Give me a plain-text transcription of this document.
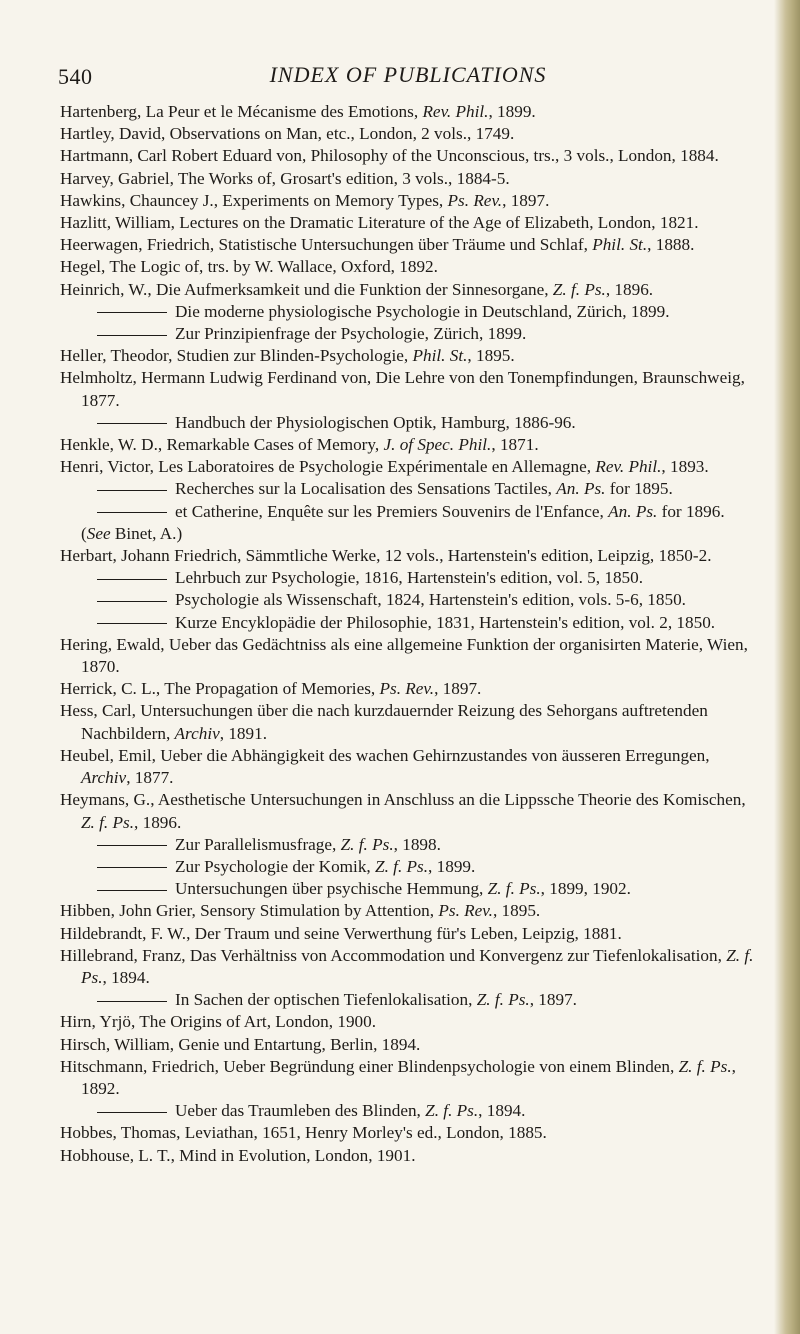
540	INDEX OF PUBLICATIONS

Hartenberg, La Peur et le Mécanisme des Emotions, Rev. Phil., 1899.

Hartley, David, Observations on Man, etc., London, 2 vols., 1749.

Hartmann, Carl Robert Eduard von, Philosophy of the Unconscious, trs., 3 vols., London, 1884.

Harvey, Gabriel, The Works of, Grosart's edition, 3 vols., 1884-5.

Hawkins, Chauncey J., Experiments on Memory Types, Ps. Rev., 1897.

Hazlitt, William, Lectures on the Dramatic Literature of the Age of Elizabeth, London, 1821.

Heerwagen, Friedrich, Statistische Untersuchungen über Träume und Schlaf, Phil. St., 1888.

Hegel, The Logic of, trs. by W. Wallace, Oxford, 1892.

Heinrich, W., Die Aufmerksamkeit und die Funktion der Sinnesorgane, Z. f. Ps., 1896.

Die moderne physiologische Psychologie in Deutschland, Zürich, 1899.

Zur Prinzipienfrage der Psychologie, Zürich, 1899.

Heller, Theodor, Studien zur Blinden-Psychologie, Phil. St., 1895.

Helmholtz, Hermann Ludwig Ferdinand von, Die Lehre von den Tonempfindungen, Braunschweig, 1877.

Handbuch der Physiologischen Optik, Hamburg, 1886-96.

Henkle, W. D., Remarkable Cases of Memory, J. of Spec. Phil., 1871.

Henri, Victor, Les Laboratoires de Psychologie Expérimentale en Allemagne, Rev. Phil., 1893.

Recherches sur la Localisation des Sensations Tactiles, An. Ps. for 1895.

et Catherine, Enquête sur les Premiers Souvenirs de l'Enfance, An. Ps. for 1896.

(See Binet, A.)

Herbart, Johann Friedrich, Sämmtliche Werke, 12 vols., Hartenstein's edition, Leipzig, 1850-2.

Lehrbuch zur Psychologie, 1816, Hartenstein's edition, vol. 5, 1850.

Psychologie als Wissenschaft, 1824, Hartenstein's edition, vols. 5-6, 1850.

Kurze Encyklopädie der Philosophie, 1831, Hartenstein's edition, vol. 2, 1850.

Hering, Ewald, Ueber das Gedächtniss als eine allgemeine Funktion der organisirten Materie, Wien, 1870.

Herrick, C. L., The Propagation of Memories, Ps. Rev., 1897.

Hess, Carl, Untersuchungen über die nach kurzdauernder Reizung des Sehorgans auftretenden Nachbildern, Archiv, 1891.

Heubel, Emil, Ueber die Abhängigkeit des wachen Gehirnzustandes von äusseren Erregungen, Archiv, 1877.

Heymans, G., Aesthetische Untersuchungen in Anschluss an die Lippssche Theorie des Komischen, Z. f. Ps., 1896.

Zur Parallelismusfrage, Z. f. Ps., 1898.

Zur Psychologie der Komik, Z. f. Ps., 1899.

Untersuchungen über psychische Hemmung, Z. f. Ps., 1899, 1902.

Hibben, John Grier, Sensory Stimulation by Attention, Ps. Rev., 1895.

Hildebrandt, F. W., Der Traum und seine Verwerthung für's Leben, Leipzig, 1881.

Hillebrand, Franz, Das Verhältniss von Accommodation und Konvergenz zur Tiefenlokalisation, Z. f. Ps., 1894.

In Sachen der optischen Tiefenlokalisation, Z. f. Ps., 1897.

Hirn, Yrjö, The Origins of Art, London, 1900.

Hirsch, William, Genie und Entartung, Berlin, 1894.

Hitschmann, Friedrich, Ueber Begründung einer Blindenpsychologie von einem Blinden, Z. f. Ps., 1892.

Ueber das Traumleben des Blinden, Z. f. Ps., 1894.

Hobbes, Thomas, Leviathan, 1651, Henry Morley's ed., London, 1885.

Hobhouse, L. T., Mind in Evolution, London, 1901.
